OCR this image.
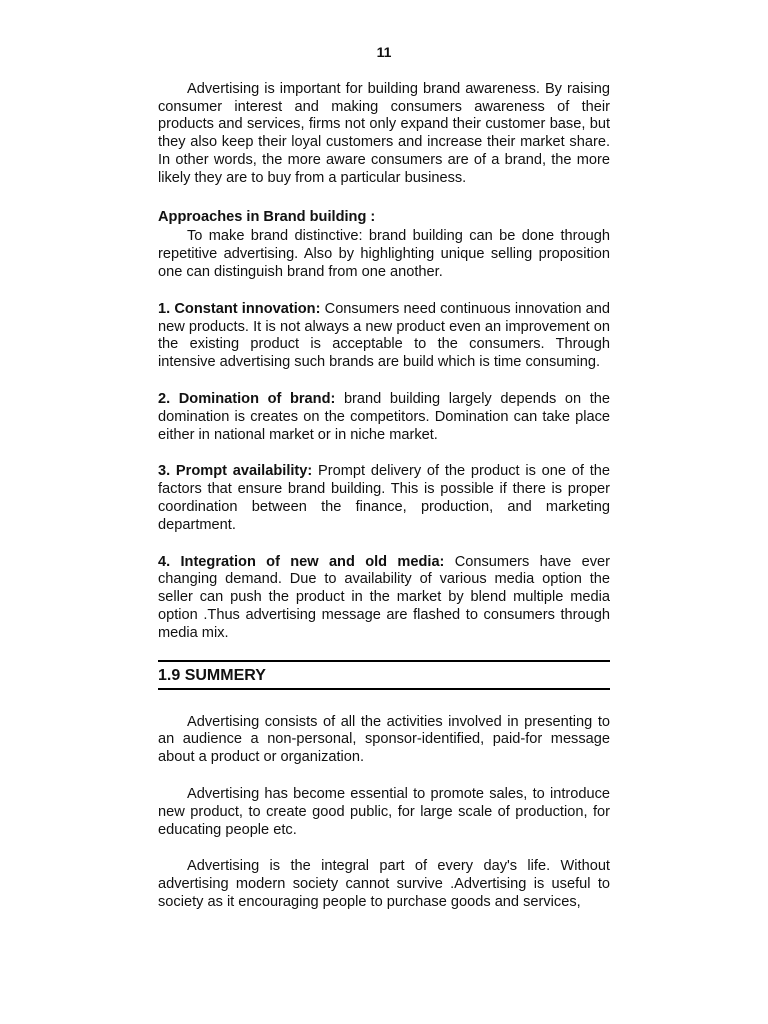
11

Advertising is important for building brand awareness. By raising consumer interest and making consumers awareness of their products and services, firms not only expand their customer base, but they also keep their loyal customers and increase their market share. In other words, the more aware consumers are of a brand, the more likely they are to buy from a particular business.

Approaches in Brand building :

To make brand distinctive: brand building can be done through repetitive advertising. Also by highlighting unique selling proposition one can distinguish brand from one another.

1. Constant innovation: Consumers need continuous innovation and new products. It is not always a new product even an improvement on the existing product is acceptable to the consumers. Through intensive advertising such brands are build which is time consuming.

2. Domination of brand: brand building largely depends on the domination is creates on the competitors. Domination can take place either in national market or in niche market.

3. Prompt availability: Prompt delivery of the product is one of the factors that ensure brand building. This is possible if there is proper coordination between the finance, production, and marketing department.

4. Integration of new and old media: Consumers have ever changing demand. Due to availability of various media option the seller can push the product in the market by blend multiple media option .Thus advertising message are flashed to consumers through media mix.

1.9 SUMMERY

Advertising consists of all the activities involved in presenting to an audience a non-personal, sponsor-identified, paid-for message about a product or organization.

Advertising has become essential to promote sales, to introduce new product, to create good public, for large scale of production, for educating people etc.

Advertising is the integral part of every day's life. Without advertising modern society cannot survive .Advertising is useful to society as it encouraging people to purchase goods and services,
